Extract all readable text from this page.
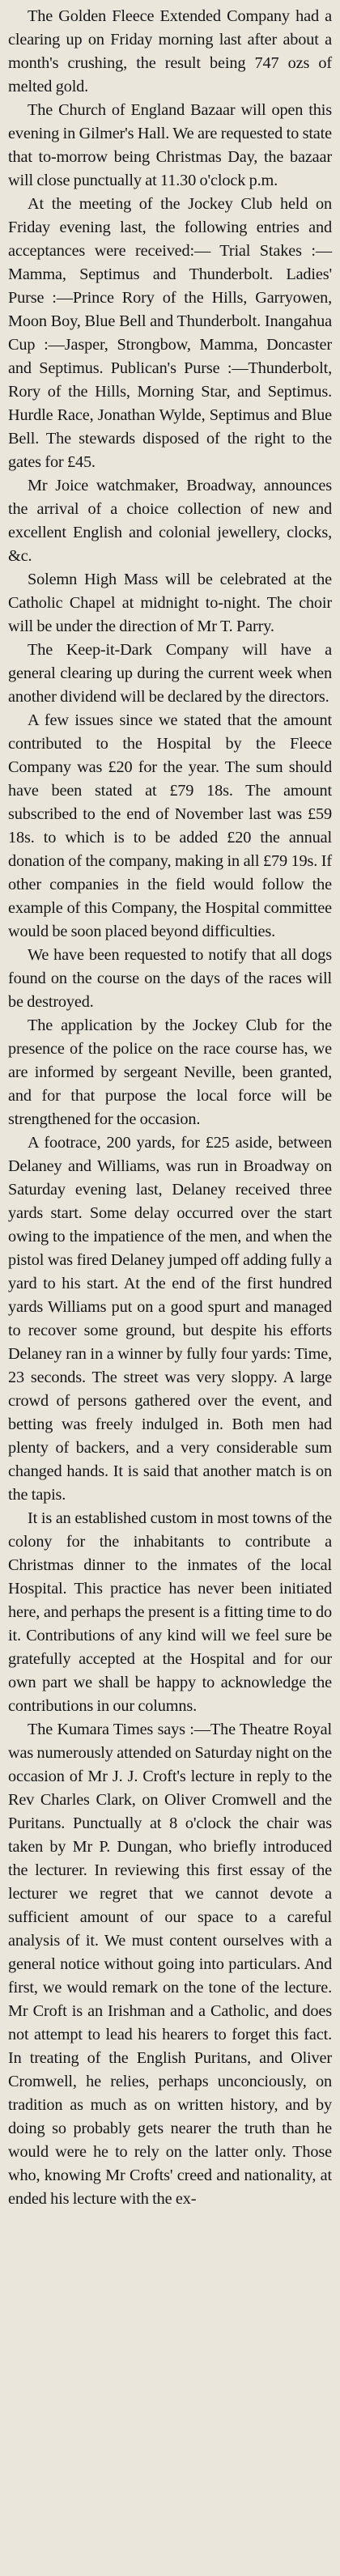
The Golden Fleece Extended Company had a clearing up on Friday morning last after about a month's crushing, the result being 747 ozs of melted gold.

The Church of England Bazaar will open this evening in Gilmer's Hall. We are requested to state that to-morrow being Christmas Day, the bazaar will close punctually at 11.30 o'clock p.m.

At the meeting of the Jockey Club held on Friday evening last, the following entries and acceptances were received:— Trial Stakes :—Mamma, Septimus and Thunderbolt. Ladies' Purse :—Prince Rory of the Hills, Garryowen, Moon Boy, Blue Bell and Thunderbolt. Inangahua Cup :—Jasper, Strongbow, Mamma, Doncaster and Septimus. Publican's Purse :—Thunderbolt, Rory of the Hills, Morning Star, and Septimus. Hurdle Race, Jonathan Wylde, Septimus and Blue Bell. The stewards disposed of the right to the gates for £45.

Mr Joice watchmaker, Broadway, announces the arrival of a choice collection of new and excellent English and colonial jewellery, clocks, &c.

Solemn High Mass will be celebrated at the Catholic Chapel at midnight to-night. The choir will be under the direction of Mr T. Parry.

The Keep-it-Dark Company will have a general clearing up during the current week when another dividend will be declared by the directors.

A few issues since we stated that the amount contributed to the Hospital by the Fleece Company was £20 for the year. The sum should have been stated at £79 18s. The amount subscribed to the end of November last was £59 18s. to which is to be added £20 the annual donation of the company, making in all £79 19s. If other companies in the field would follow the example of this Company, the Hospital committee would be soon placed beyond difficulties.

We have been requested to notify that all dogs found on the course on the days of the races will be destroyed.

The application by the Jockey Club for the presence of the police on the race course has, we are informed by sergeant Neville, been granted, and for that purpose the local force will be strengthened for the occasion.

A footrace, 200 yards, for £25 aside, between Delaney and Williams, was run in Broadway on Saturday evening last, Delaney received three yards start. Some delay occurred over the start owing to the impatience of the men, and when the pistol was fired Delaney jumped off adding fully a yard to his start. At the end of the first hundred yards Williams put on a good spurt and managed to recover some ground, but despite his efforts Delaney ran in a winner by fully four yards: Time, 23 seconds. The street was very sloppy. A large crowd of persons gathered over the event, and betting was freely indulged in. Both men had plenty of backers, and a very considerable sum changed hands. It is said that another match is on the tapis.

It is an established custom in most towns of the colony for the inhabitants to contribute a Christmas dinner to the inmates of the local Hospital. This practice has never been initiated here, and perhaps the present is a fitting time to do it. Contributions of any kind will we feel sure be gratefully accepted at the Hospital and for our own part we shall be happy to acknowledge the contributions in our columns.

The Kumara Times says :—The Theatre Royal was numerously attended on Saturday night on the occasion of Mr J. J. Croft's lecture in reply to the Rev Charles Clark, on Oliver Cromwell and the Puritans. Punctually at 8 o'clock the chair was taken by Mr P. Dungan, who briefly introduced the lecturer. In reviewing this first essay of the lecturer we regret that we cannot devote a sufficient amount of our space to a careful analysis of it. We must content ourselves with a general notice without going into particulars. And first, we would remark on the tone of the lecture. Mr Croft is an Irishman and a Catholic, and does not attempt to lead his hearers to forget this fact. In treating of the English Puritans, and Oliver Cromwell, he relies, perhaps unconciously, on tradition as much as on written history, and by doing so probably gets nearer the truth than he would were he to rely on the latter only. Those who, knowing Mr Crofts' creed and nationality, at ended his lecture with the ex-
